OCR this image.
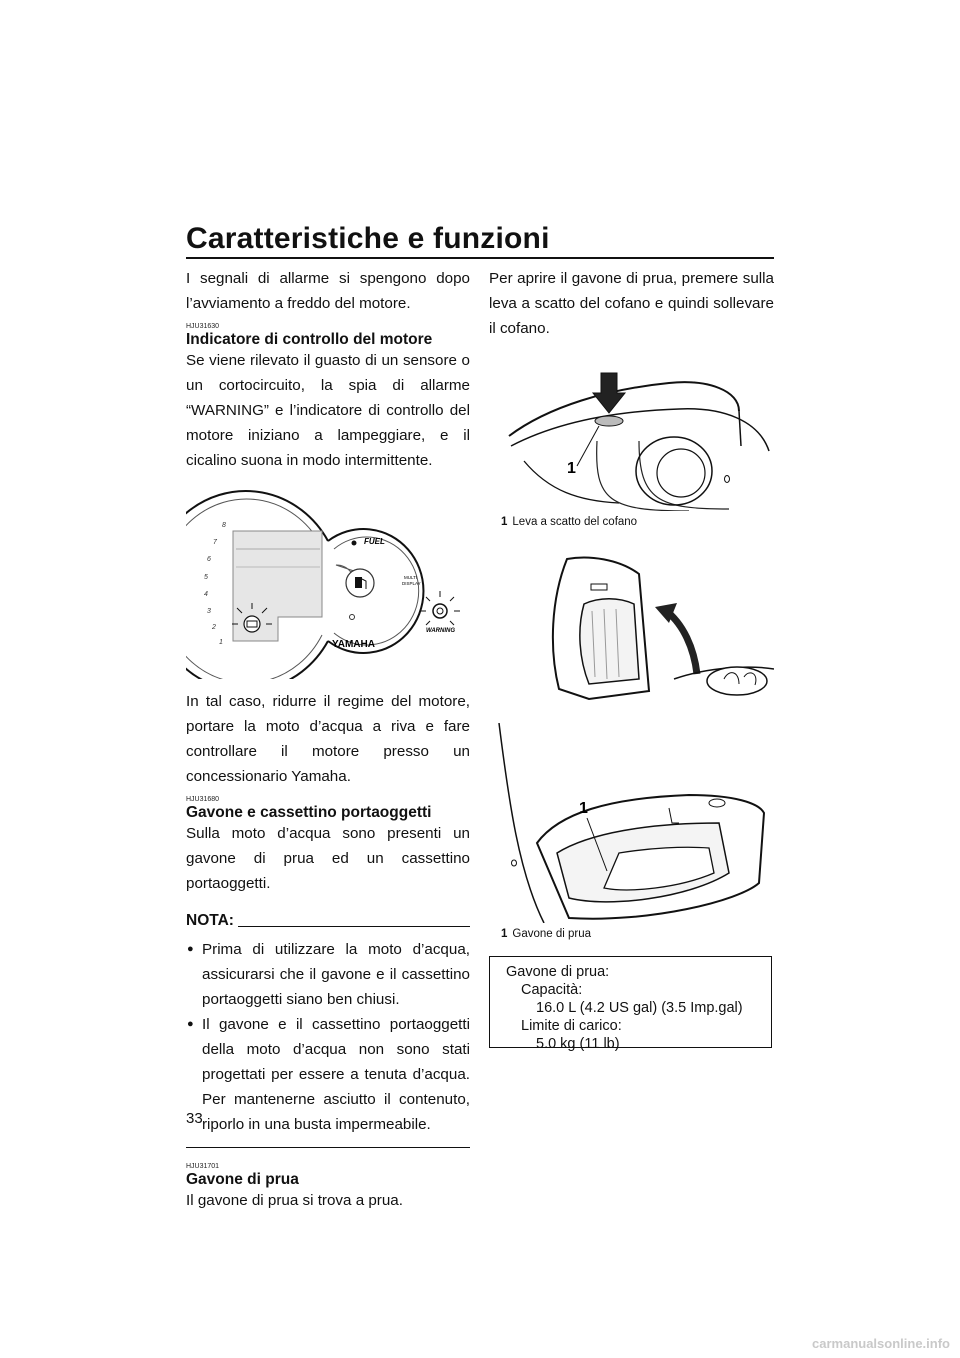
Caratteristiche e funzioni

I segnali di allarme si spengono dopo l’avviamento a freddo del motore.

HJU31630
Indicatore di controllo del motore

Se viene rilevato il guasto di un sensore o un cortocircuito, la spia di allarme “WARNING” e l’indicatore di controllo del motore iniziano a lampeggiare, e il cicalino suona in modo intermittente.

8
7
6
5
4
3
2
1
FUEL
MULTI
DISPLAY
YAMAHA
WARNING

In tal caso, ridurre il regime del motore, portare la moto d’acqua a riva e fare controllare il motore presso un concessionario Yamaha.

HJU31680
Gavone e cassettino portaoggetti

Sulla moto d’acqua sono presenti un gavone di prua ed un cassettino portaoggetti.

NOTA:
● Prima di utilizzare la moto d’acqua, assicurarsi che il gavone e il cassettino portaoggetti siano ben chiusi.
● Il gavone e il cassettino portaoggetti della moto d’acqua non sono stati progettati per essere a tenuta d’acqua. Per mantenerne asciutto il contenuto, riporlo in una busta impermeabile.
HJU31701
Gavone di prua

Il gavone di prua si trova a prua.

Per aprire il gavone di prua, premere sulla leva a scatto del cofano e quindi sollevare il cofano.

1
1 Leva a scatto del cofano
1
1 Gavone di prua
Gavone di prua:
Capacità:
16.0 L (4.2 US gal) (3.5 Imp.gal)
Limite di carico:
5.0 kg (11 lb)

33

carmanualsonline.info
